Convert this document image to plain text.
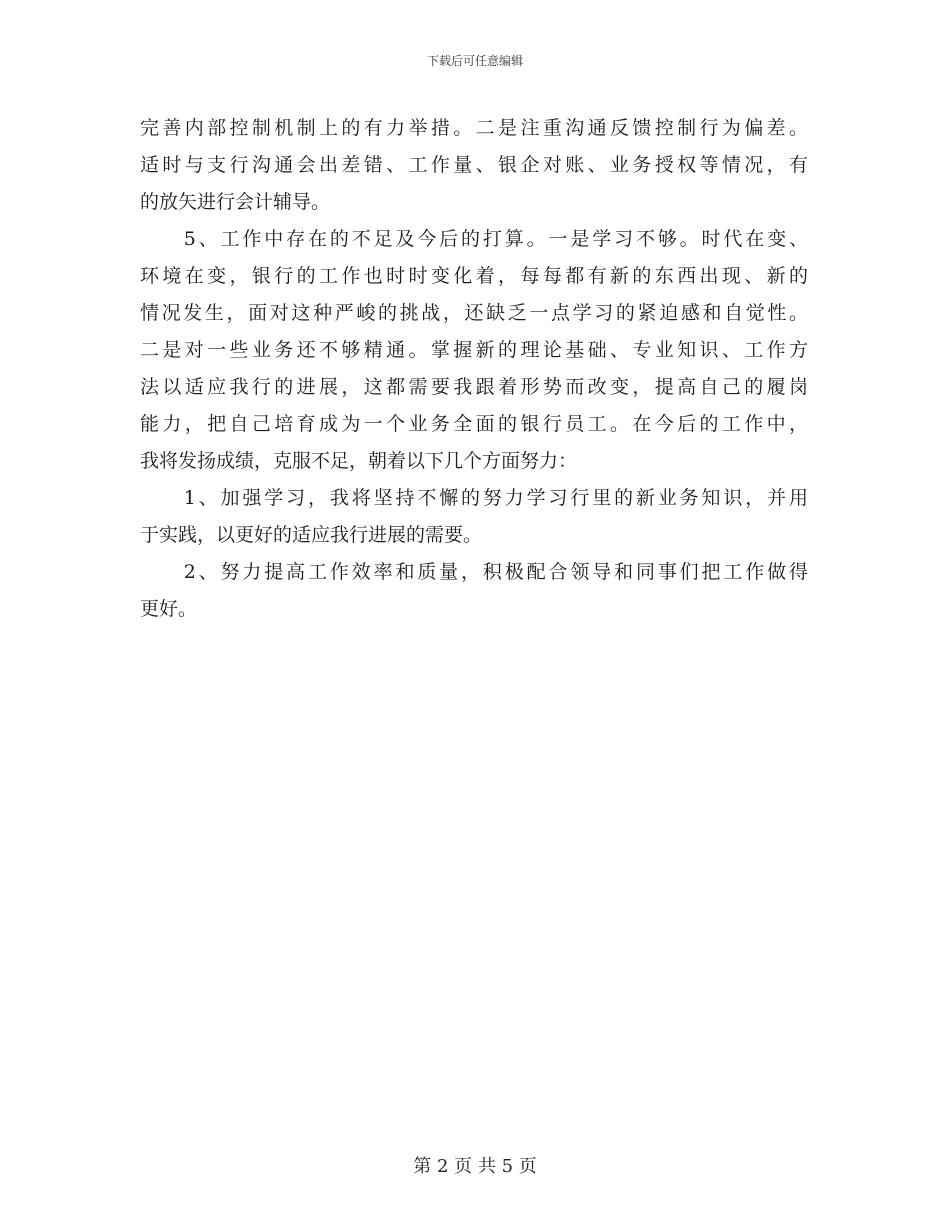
下载后可任意编辑
完善内部控制机制上的有力举措。二是注重沟通反馈控制行为偏差。
适时与支行沟通会出差错、工作量、银企对账、业务授权等情况，有
的放矢进行会计辅导。
　　5、工作中存在的不足及今后的打算。一是学习不够。时代在变、
环境在变，银行的工作也时时变化着，每每都有新的东西出现、新的
情况发生，面对这种严峻的挑战，还缺乏一点学习的紧迫感和自觉性。
二是对一些业务还不够精通。掌握新的理论基础、专业知识、工作方
法以适应我行的进展，这都需要我跟着形势而改变，提高自己的履岗
能力，把自己培育成为一个业务全面的银行员工。在今后的工作中，
我将发扬成绩，克服不足，朝着以下几个方面努力：
　　1、加强学习，我将坚持不懈的努力学习行里的新业务知识，并用
于实践，以更好的适应我行进展的需要。
　　2、努力提高工作效率和质量，积极配合领导和同事们把工作做得
更好。
第 2 页 共 5 页
